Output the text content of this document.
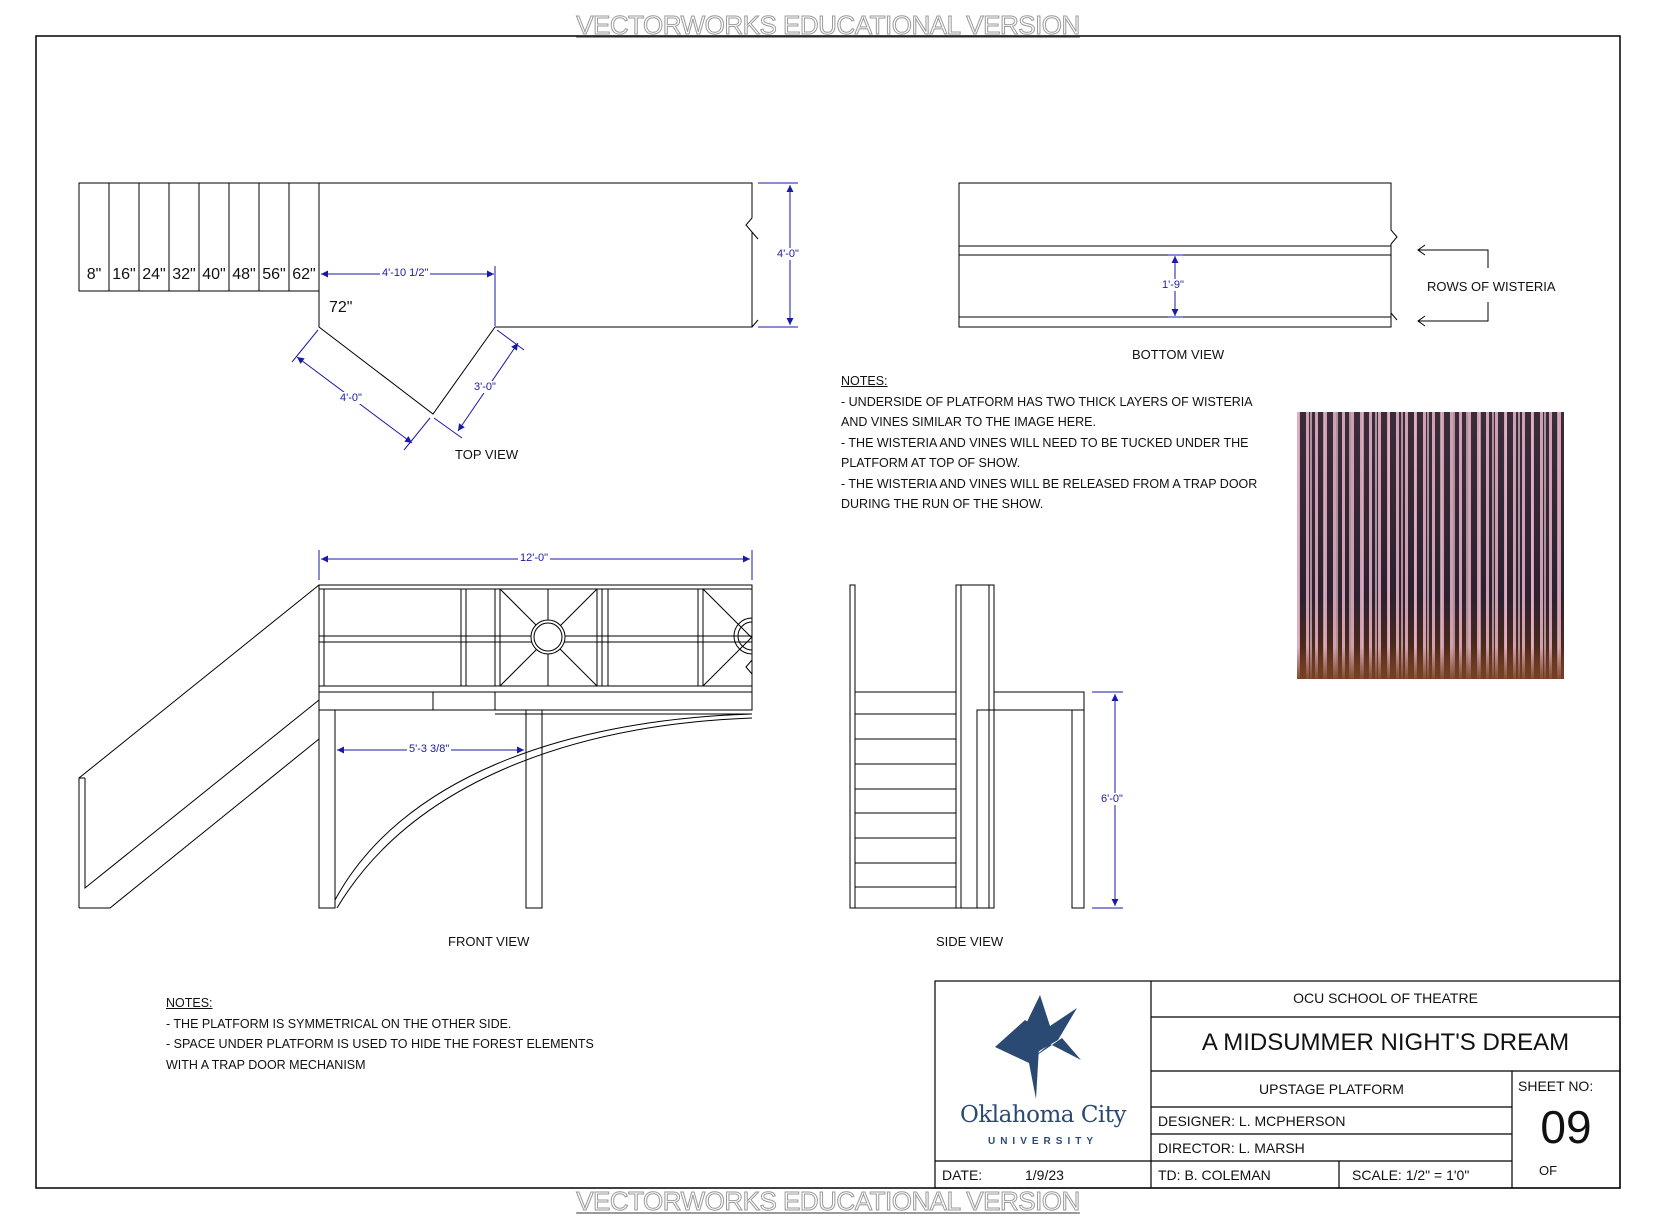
VECTORWORKS EDUCATIONAL VERSION
VECTORWORKS EDUCATIONAL VERSION
8" 16" 24" 32" 40" 48" 56" 62"
72"
4'-10 1/2"
4'-0"
4'-0"
3'-0"
TOP VIEW
1'-9"	ROWS OF WISTERIA
BOTTOM VIEW
NOTES:
- UNDERSIDE OF PLATFORM HAS TWO THICK LAYERS OF WISTERIA
AND VINES SIMILAR TO THE IMAGE HERE.
- THE WISTERIA AND VINES WILL NEED TO BE TUCKED UNDER THE
PLATFORM AT TOP OF SHOW.
- THE WISTERIA AND VINES WILL BE RELEASED FROM A TRAP DOOR
DURING THE RUN OF THE SHOW.
12'-0"
5'-3 3/8"
FRONT VIEW
6'-0"
SIDE VIEW
NOTES:
- THE PLATFORM IS SYMMETRICAL ON THE OTHER SIDE.
- SPACE UNDER PLATFORM IS USED TO HIDE THE FOREST ELEMENTS
WITH A TRAP DOOR MECHANISM
OCU SCHOOL OF THEATRE
A MIDSUMMER NIGHT'S DREAM
UPSTAGE PLATFORM
DESIGNER: L. MCPHERSON
DIRECTOR: L. MARSH
TD: B. COLEMAN	SCALE: 1/2" = 1'0"
DATE:	1/9/23
SHEET NO:
09
OF
Oklahoma City
UNIVERSITY
